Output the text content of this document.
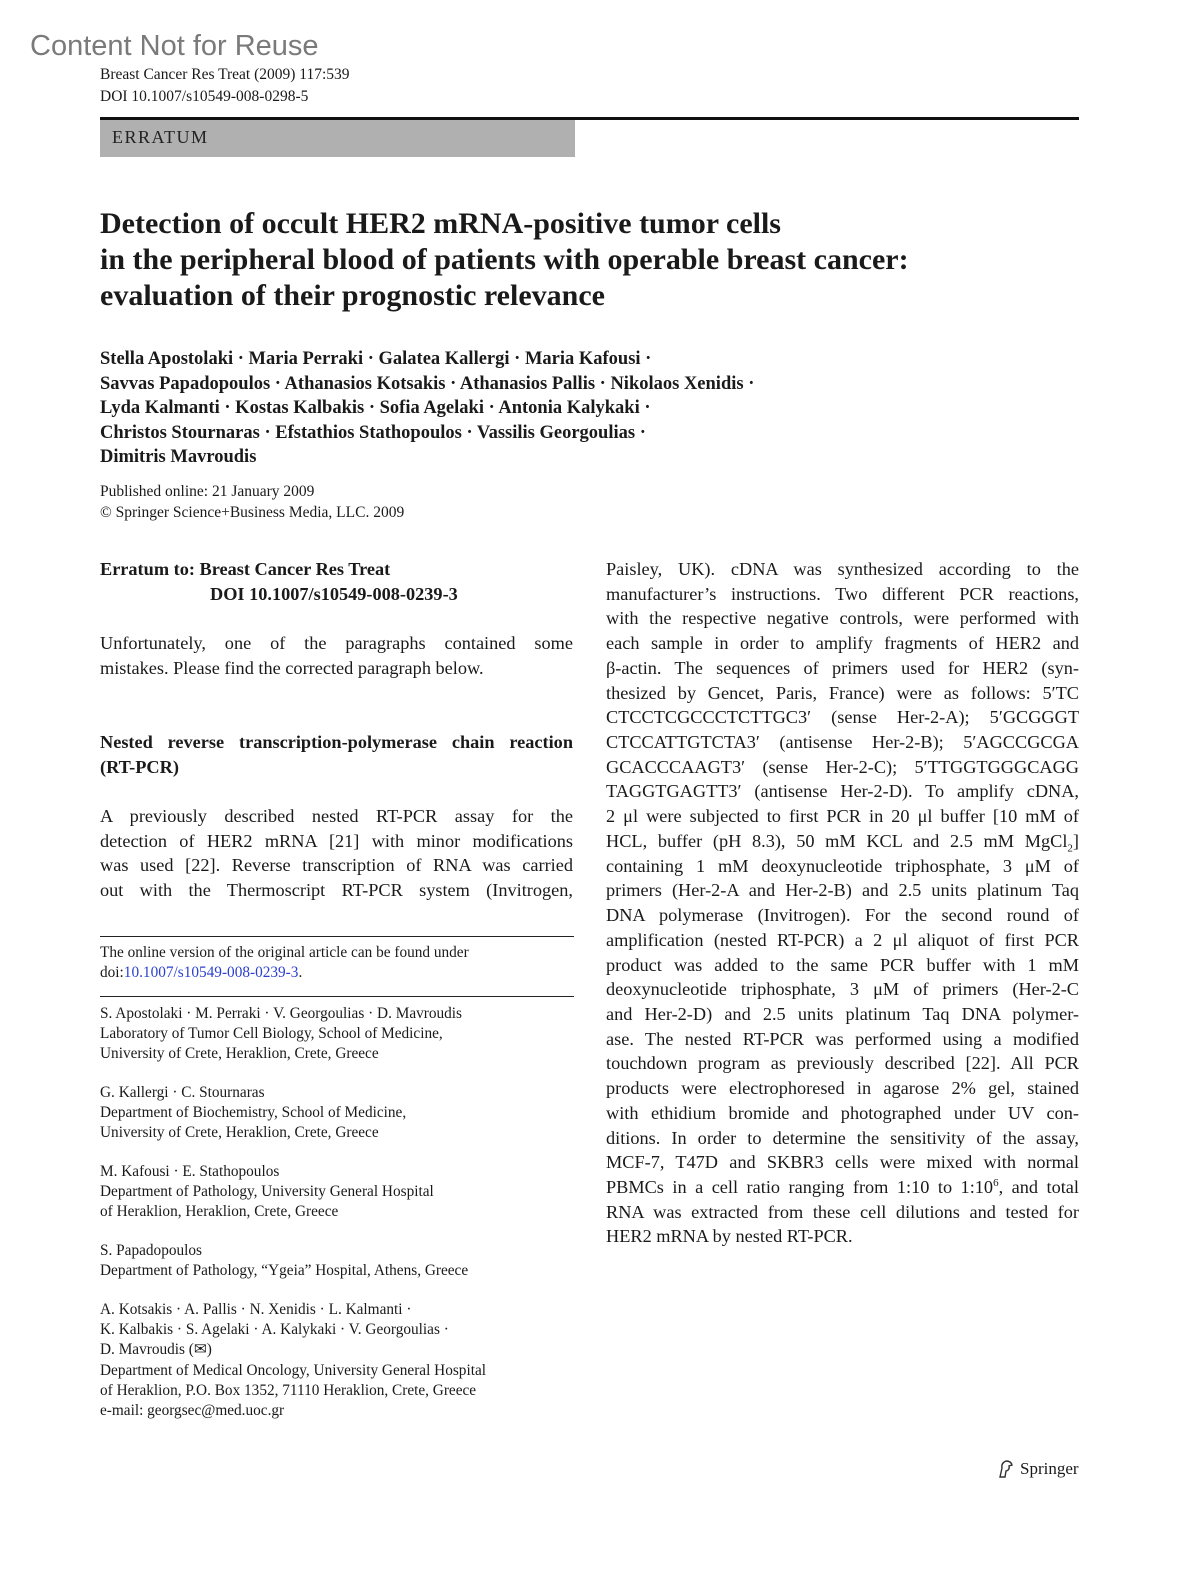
Content Not for Reuse
Breast Cancer Res Treat (2009) 117:539
DOI 10.1007/s10549-008-0298-5
ERRATUM
Detection of occult HER2 mRNA-positive tumor cells
in the peripheral blood of patients with operable breast cancer:
evaluation of their prognostic relevance
Stella Apostolaki · Maria Perraki · Galatea Kallergi · Maria Kafousi ·
Savvas Papadopoulos · Athanasios Kotsakis · Athanasios Pallis · Nikolaos Xenidis ·
Lyda Kalmanti · Kostas Kalbakis · Sofia Agelaki · Antonia Kalykaki ·
Christos Stournaras · Efstathios Stathopoulos · Vassilis Georgoulias ·
Dimitris Mavroudis
Published online: 21 January 2009
© Springer Science+Business Media, LLC. 2009
Erratum to: Breast Cancer Res Treat
DOI 10.1007/s10549-008-0239-3
Unfortunately, one of the paragraphs contained some
mistakes. Please find the corrected paragraph below.
Nested reverse transcription-polymerase chain reaction
(RT-PCR)
A previously described nested RT-PCR assay for the
detection of HER2 mRNA [21] with minor modifications
was used [22]. Reverse transcription of RNA was carried
out with the Thermoscript RT-PCR system (Invitrogen,
Paisley, UK). cDNA was synthesized according to the
manufacturer’s instructions. Two different PCR reactions,
with the respective negative controls, were performed with
each sample in order to amplify fragments of HER2 and
β-actin. The sequences of primers used for HER2 (syn-
thesized by Gencet, Paris, France) were as follows: 5′TC
CTCCTCGCCCTCTTGC3′ (sense Her-2-A); 5′GCGGGT
CTCCATTGTCTA3′ (antisense Her-2-B); 5′AGCCGCGA
GCACCCAAGT3′ (sense Her-2-C); 5′TTGGTGGGCAGG
TAGGTGAGTT3′ (antisense Her-2-D). To amplify cDNA,
2 μl were subjected to first PCR in 20 μl buffer [10 mM of
HCL, buffer (pH 8.3), 50 mM KCL and 2.5 mM MgCl$_2$]
containing 1 mM deoxynucleotide triphosphate, 3 μM of
primers (Her-2-A and Her-2-B) and 2.5 units platinum Taq
DNA polymerase (Invitrogen). For the second round of
amplification (nested RT-PCR) a 2 μl aliquot of first PCR
product was added to the same PCR buffer with 1 mM
deoxynucleotide triphosphate, 3 μM of primers (Her-2-C
and Her-2-D) and 2.5 units platinum Taq DNA polymer-
ase. The nested RT-PCR was performed using a modified
touchdown program as previously described [22]. All PCR
products were electrophoresed in agarose 2% gel, stained
with ethidium bromide and photographed under UV con-
ditions. In order to determine the sensitivity of the assay,
MCF-7, T47D and SKBR3 cells were mixed with normal
PBMCs in a cell ratio ranging from 1:10 to $1:10^6$, and total
RNA was extracted from these cell dilutions and tested for
HER2 mRNA by nested RT-PCR.
The online version of the original article can be found under
doi:10.1007/s10549-008-0239-3.
S. Apostolaki · M. Perraki · V. Georgoulias · D. Mavroudis
Laboratory of Tumor Cell Biology, School of Medicine,
University of Crete, Heraklion, Crete, Greece
G. Kallergi · C. Stournaras
Department of Biochemistry, School of Medicine,
University of Crete, Heraklion, Crete, Greece
M. Kafousi · E. Stathopoulos
Department of Pathology, University General Hospital
of Heraklion, Heraklion, Crete, Greece
S. Papadopoulos
Department of Pathology, “Ygeia” Hospital, Athens, Greece
A. Kotsakis · A. Pallis · N. Xenidis · L. Kalmanti ·
K. Kalbakis · S. Agelaki · A. Kalykaki · V. Georgoulias ·
D. Mavroudis (✉)
Department of Medical Oncology, University General Hospital
of Heraklion, P.O. Box 1352, 71110 Heraklion, Crete, Greece
e-mail: georgsec@med.uoc.gr
Springer
